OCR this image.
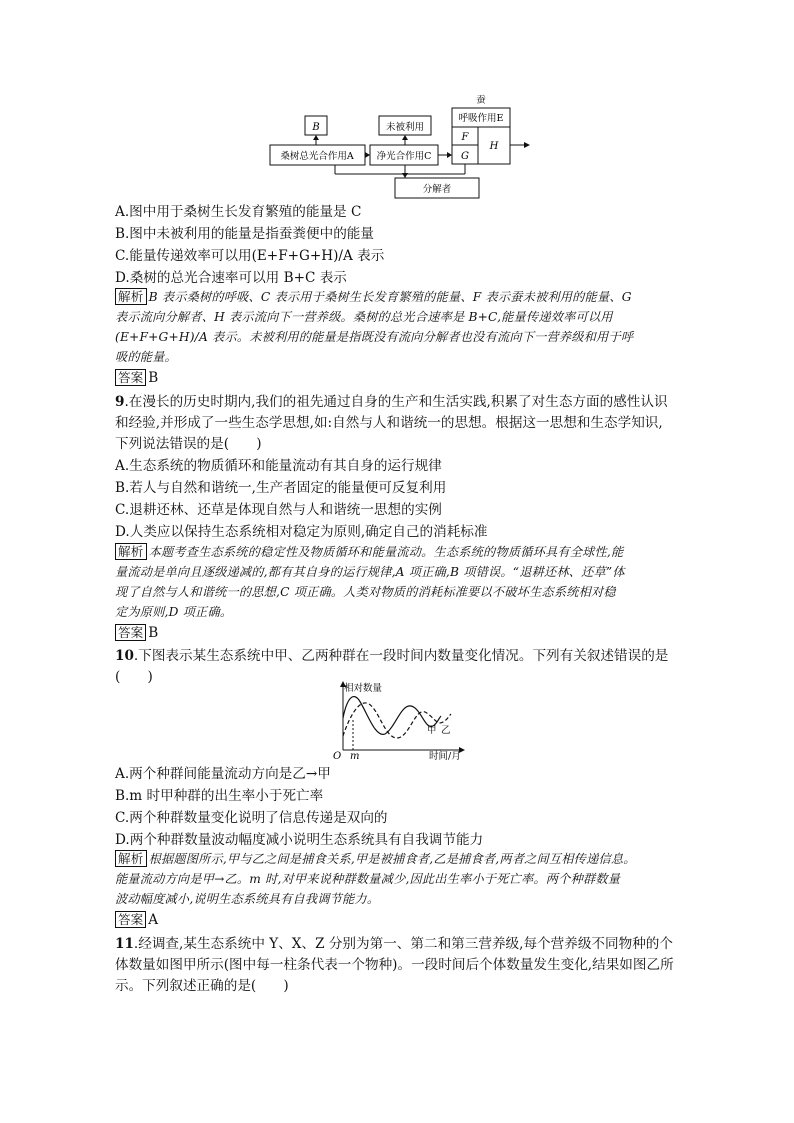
B	未被利用
蚕
呼吸作用E
F
G
H
桑树总光合作用A 净光合作用C
分解者
A.图中用于桑树生长发育繁殖的能量是 C
B.图中未被利用的能量是指蚕粪便中的能量
C.能量传递效率可以用(E+F+G+H)/A 表示
D.桑树的总光合速率可以用 B+C 表示
解析 B 表示桑树的呼吸、C 表示用于桑树生长发育繁殖的能量、F 表示蚕未被利用的能量、G
表示流向分解者、H 表示流向下一营养级。桑树的总光合速率是 B+C,能量传递效率可以用
(E+F+G+H)/A 表示。未被利用的能量是指既没有流向分解者也没有流向下一营养级和用于呼
吸的能量。
答案 B
9.在漫长的历史时期内,我们的祖先通过自身的生产和生活实践,积累了对生态方面的感性认识
和经验,并形成了一些生态学思想,如:自然与人和谐统一的思想。根据这一思想和生态学知识,
下列说法错误的是(　　)
A.生态系统的物质循环和能量流动有其自身的运行规律
B.若人与自然和谐统一,生产者固定的能量便可反复利用
C.退耕还林、还草是体现自然与人和谐统一思想的实例
D.人类应以保持生态系统相对稳定为原则,确定自己的消耗标准
解析 本题考查生态系统的稳定性及物质循环和能量流动。生态系统的物质循环具有全球性,能
量流动是单向且逐级递减的,都有其自身的运行规律,A 项正确,B 项错误。“退耕还林、还草”体
现了自然与人和谐统一的思想,C 项正确。人类对物质的消耗标准要以不破坏生态系统相对稳
定为原则,D 项正确。
答案 B
10.下图表示某生态系统中甲、乙两种群在一段时间内数量变化情况。下列有关叙述错误的是
(　　)
相对数量
时间/月
O m
甲 乙
A.两个种群间能量流动方向是乙→甲
B.m 时甲种群的出生率小于死亡率
C.两个种群数量变化说明了信息传递是双向的
D.两个种群数量波动幅度减小说明生态系统具有自我调节能力
解析 根据题图所示,甲与乙之间是捕食关系,甲是被捕食者,乙是捕食者,两者之间互相传递信息。
能量流动方向是甲→乙。m 时,对甲来说种群数量减少,因此出生率小于死亡率。两个种群数量
波动幅度减小,说明生态系统具有自我调节能力。
答案 A
11.经调查,某生态系统中 Y、X、Z 分别为第一、第二和第三营养级,每个营养级不同物种的个
体数量如图甲所示(图中每一柱条代表一个物种)。一段时间后个体数量发生变化,结果如图乙所
示。下列叙述正确的是(　　)
